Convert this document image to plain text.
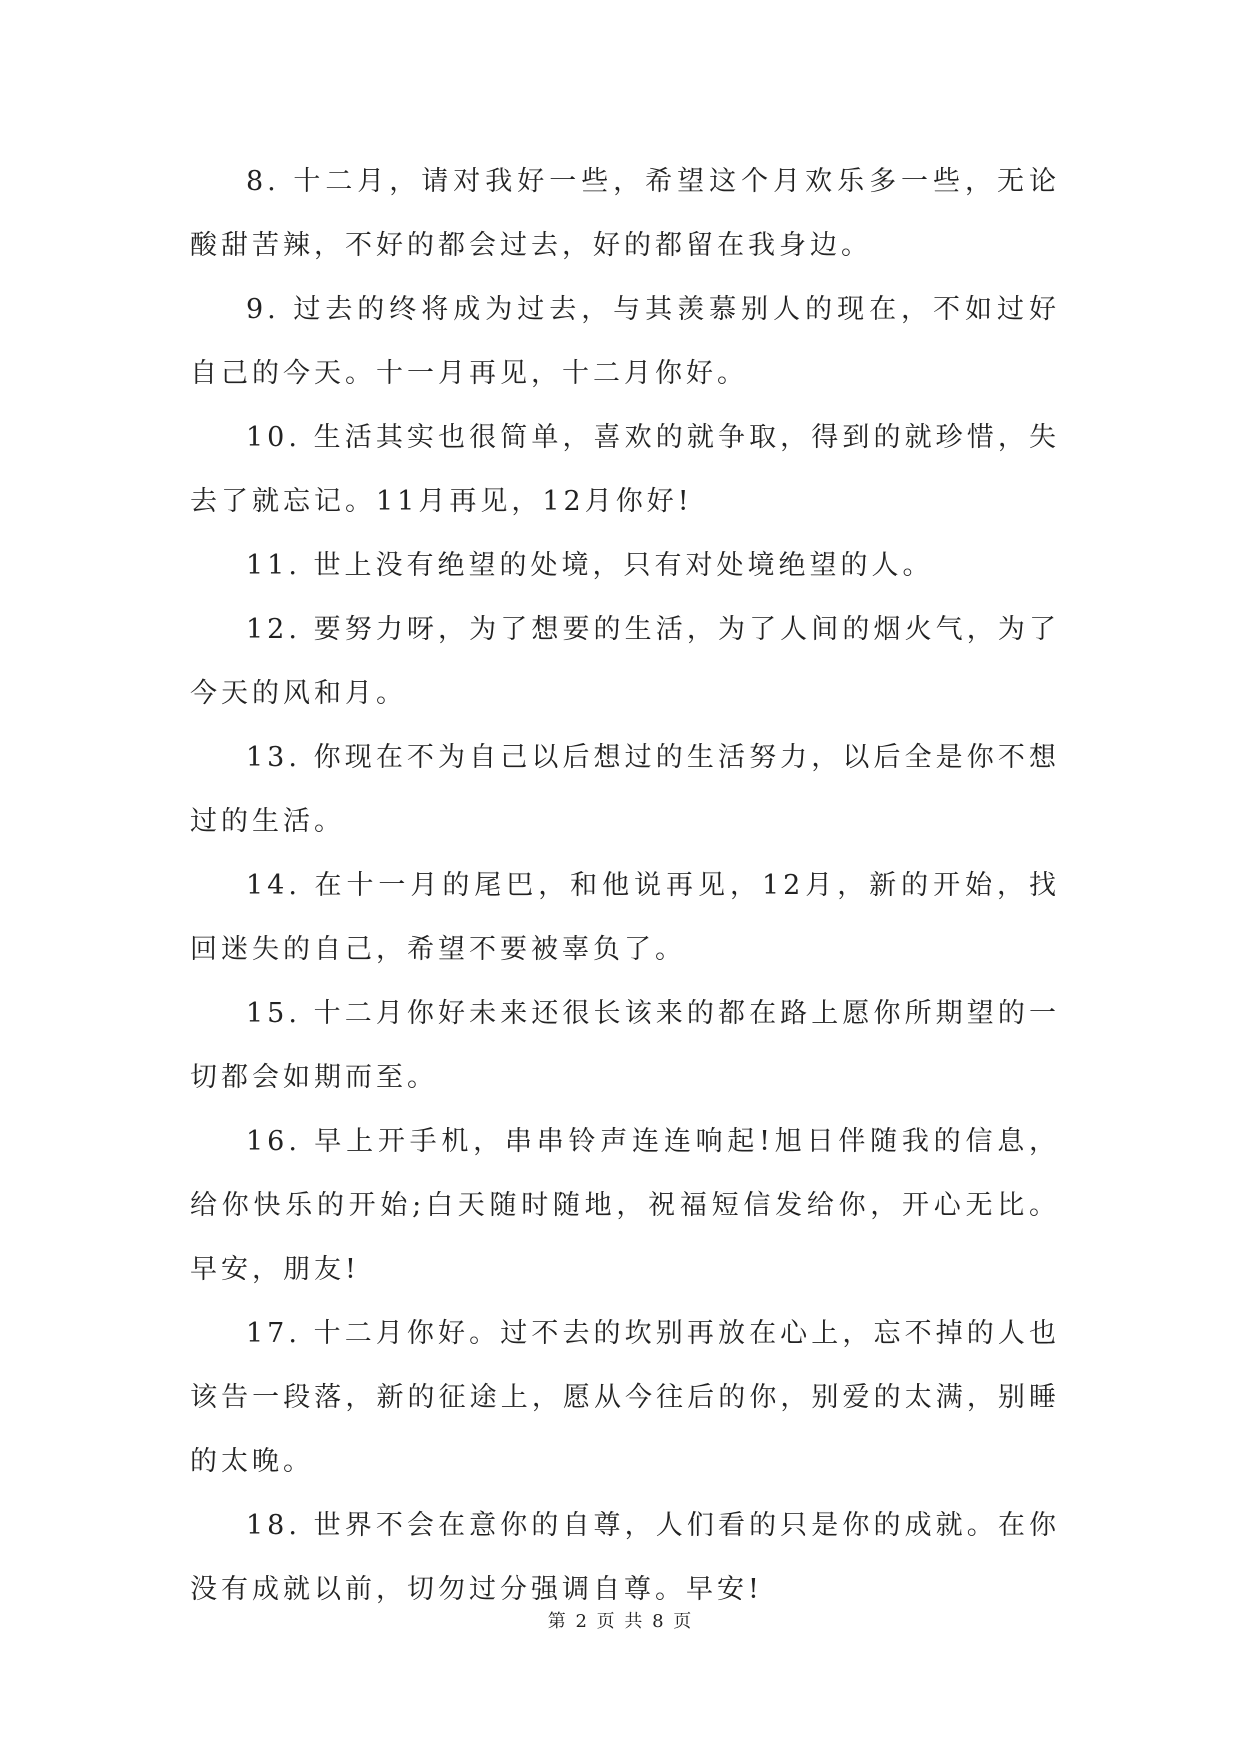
8. 十二月，请对我好一些，希望这个月欢乐多一些，无论酸甜苦辣，不好的都会过去，好的都留在我身边。

9. 过去的终将成为过去，与其羡慕别人的现在，不如过好自己的今天。十一月再见，十二月你好。

10. 生活其实也很简单，喜欢的就争取，得到的就珍惜，失去了就忘记。11月再见，12月你好!

11. 世上没有绝望的处境，只有对处境绝望的人。

12. 要努力呀，为了想要的生活，为了人间的烟火气，为了今天的风和月。

13. 你现在不为自己以后想过的生活努力，以后全是你不想过的生活。

14. 在十一月的尾巴，和他说再见，12月，新的开始，找回迷失的自己，希望不要被辜负了。

15. 十二月你好未来还很长该来的都在路上愿你所期望的一切都会如期而至。

16. 早上开手机，串串铃声连连响起!旭日伴随我的信息，给你快乐的开始;白天随时随地，祝福短信发给你，开心无比。早安，朋友!

17. 十二月你好。过不去的坎别再放在心上，忘不掉的人也该告一段落，新的征途上，愿从今往后的你，别爱的太满，别睡的太晚。

18. 世界不会在意你的自尊，人们看的只是你的成就。在你没有成就以前，切勿过分强调自尊。早安!

第 2 页 共 8 页
